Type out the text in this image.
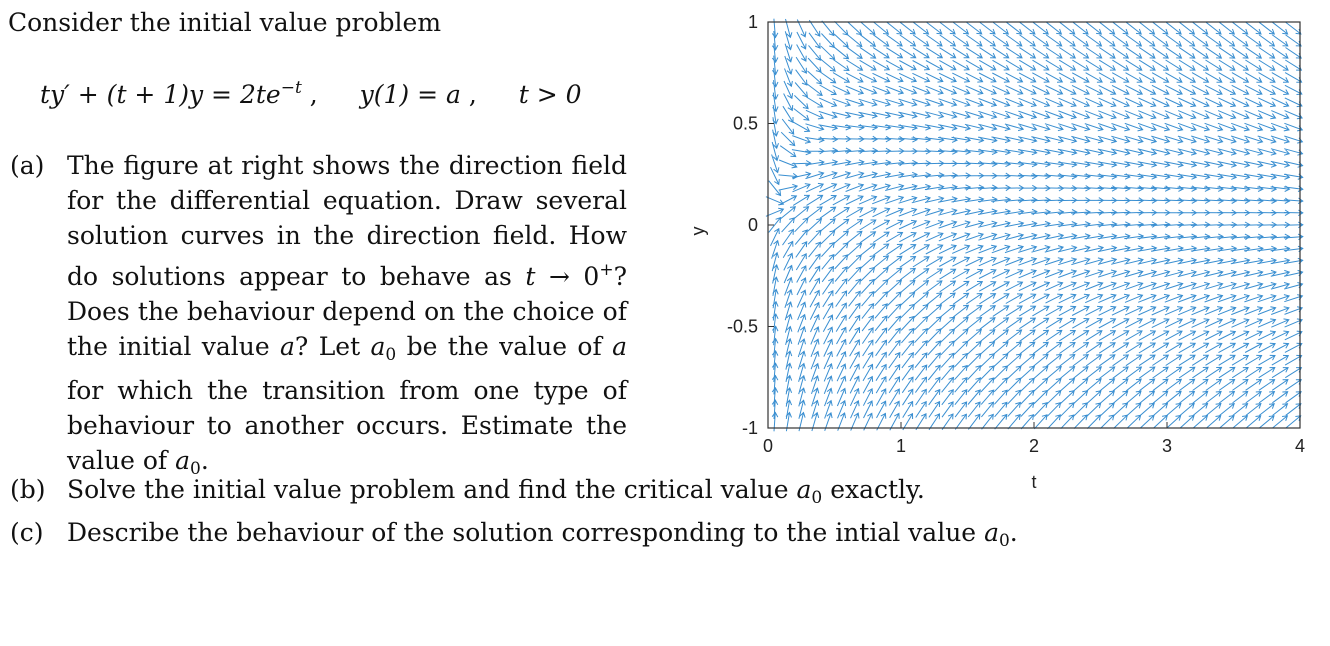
Consider the initial value problem
$ty' + (t + 1)y = 2te^{-t}$ , y(1) = a , t > 0
(a) The figure at right shows the direction field for the differential equation. Draw several solution curves in the direction field. How do solutions appear to behave as t → 0+? Does the behaviour depend on the choice of the initial value a? Let $a_0$ be the value of a for which the transition from one type of behaviour to another occurs. Estimate the value of $a_0$.
(b) Solve the initial value problem and find the critical value $a_0$ exactly.
(c) Describe the behaviour of the solution corresponding to the intial value $a_0$.
0	1	2	3	4
-1
-0.5
0
0.5
1
t
y
